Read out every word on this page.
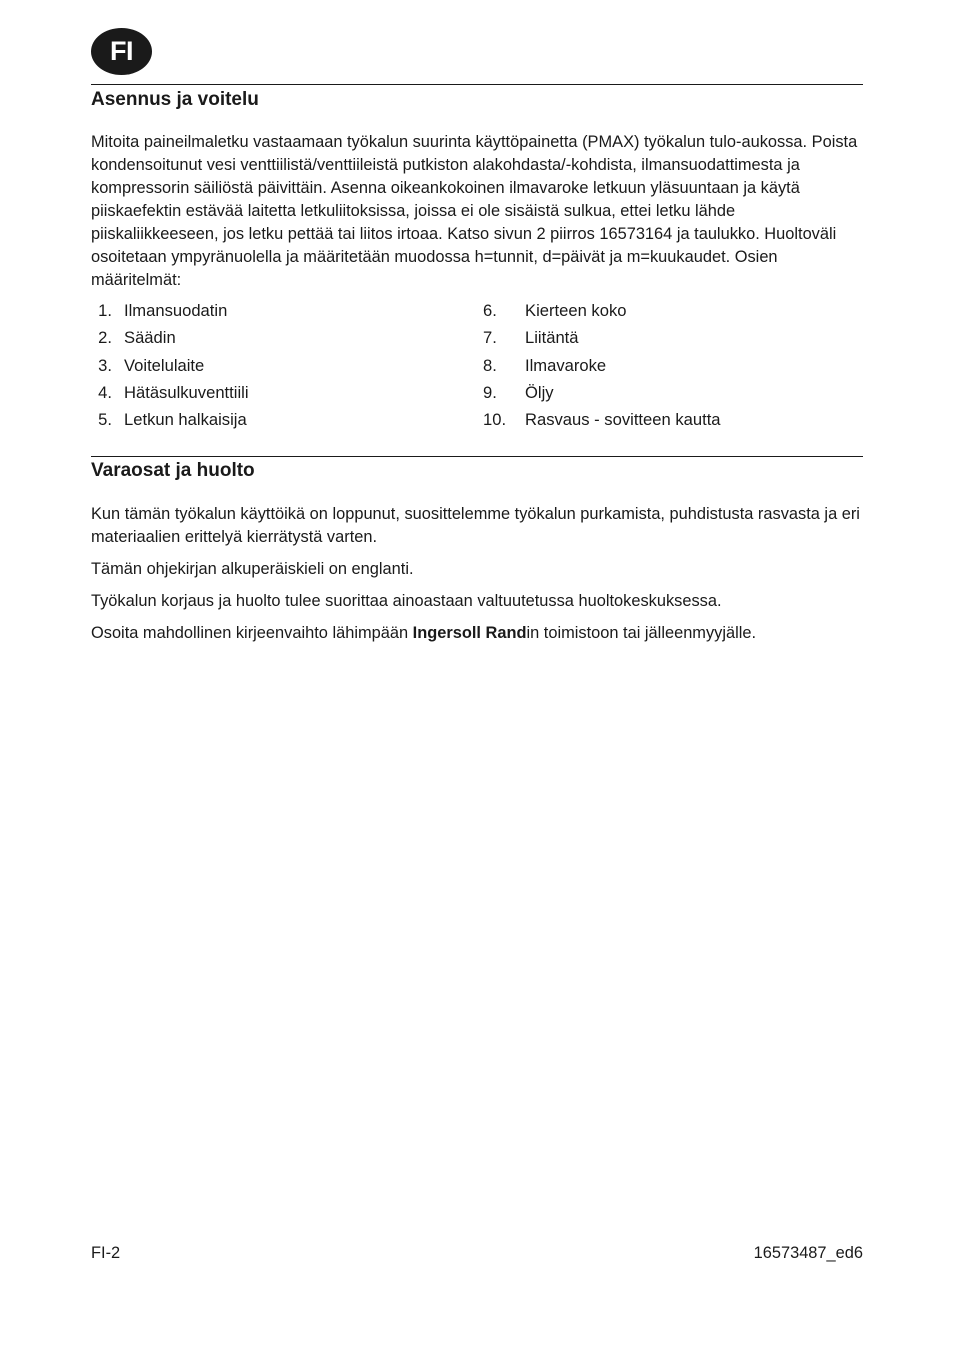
FI
Asennus ja voitelu

Mitoita paineilmaletku vastaamaan työkalun suurinta käyttöpainetta (PMAX) työkalun tulo-aukossa. Poista kondensoitunut vesi venttiilistä/venttiileistä putkiston alakohdasta/-kohdista, ilmansuodattimesta ja kompressorin säiliöstä päivittäin. Asenna oikeankokoinen ilmavaroke letkuun yläsuuntaan ja käytä piiskaefektin estävää laitetta letkuliitoksissa, joissa ei ole sisäistä sulkua, ettei letku lähde piiskaliikkeeseen, jos letku pettää tai liitos irtoaa. Katso sivun 2 piirros 16573164 ja taulukko. Huoltoväli osoitetaan ympyränuolella ja määritetään muodossa h=tunnit, d=päivät ja m=kuukaudet. Osien määritelmät:

1. Ilmansuodatin
2. Säädin
3. Voitelulaite
4. Hätäsulkuventtiili
5. Letkun halkaisija
6. Kierteen koko
7. Liitäntä
8. Ilmavaroke
9. Öljy
10. Rasvaus - sovitteen kautta
Varaosat ja huolto

Kun tämän työkalun käyttöikä on loppunut, suosittelemme työkalun purkamista, puhdistusta rasvasta ja eri materiaalien erittelyä kierrätystä varten.

Tämän ohjekirjan alkuperäiskieli on englanti.

Työkalun korjaus ja huolto tulee suorittaa ainoastaan valtuutetussa huoltokeskuksessa.

Osoita mahdollinen kirjeenvaihto lähimpään Ingersoll Randin toimistoon tai jälleenmyyjälle.

FI-2	16573487_ed6
